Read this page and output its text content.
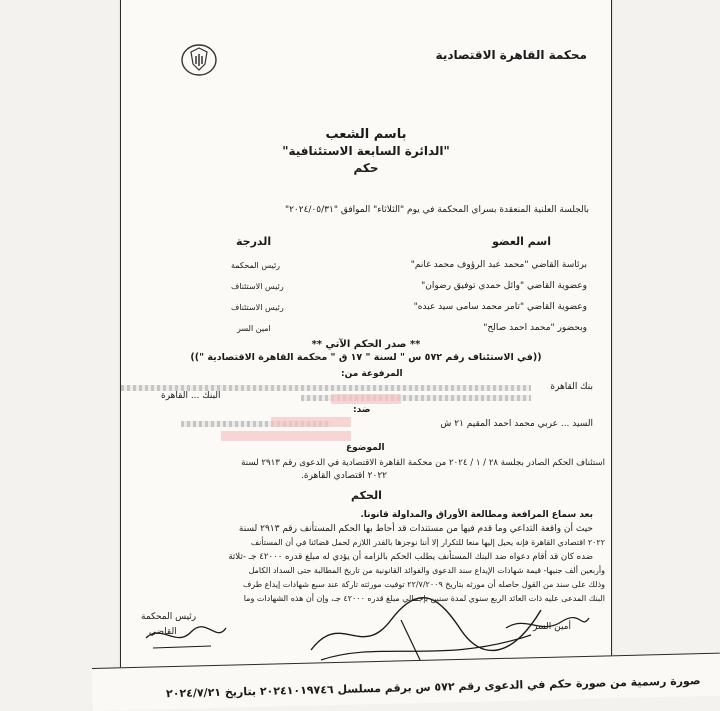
محكمة القاهرة الاقتصادية
باسم الشعب
"الدائرة السابعة الاستئنافية"
حكم
بالجلسة العلنية المنعقدة بسراي المحكمة في يوم "الثلاثاء" الموافق "٢٠٢٤/٠٥/٣١"
اسم العضو
الدرجة
برئاسة القاضي "محمد عبد الرؤوف محمد غانم"
رئيس المحكمة
وعضوية القاضي "وائل حمدي توفيق رضوان"
رئيس الاستئناف
وعضوية القاضي "تامر محمد سامى سيد عبده"
رئيس الاستئناف
وبحضور "محمد احمد صالح"
امين السر
** صدر الحكم الآتي **
((في الاستئناف رقم ٥٧٢ س " لسنة " ١٧ ق " محكمة القاهرة الاقتصادية "))
المرفوعة من:
بنك القاهرة
البنك ... القاهرة
ضد:
السيد ... عربي محمد احمد المقيم ٢١ ش
الموضوع
استئناف الحكم الصادر بجلسة ٢٨ / ١ / ٢٠٢٤ من محكمة القاهرة الاقتصادية في الدعوى رقم ٢٩١٣ لسنة
٢٠٢٢ اقتصادي القاهرة.
الحكم
بعد سماع المرافعة ومطالعة الأوراق والمداولة قانونا.
حيث أن واقعة التداعي وما قدم فيها من مستندات قد أحاط بها الحكم المستأنف رقم ٢٩١٣ لسنة
٢٠٢٢ اقتصادي القاهرة فإنه يحيل إليها منعا للتكرار إلا أننا نوجزها بالقدر اللازم لحمل قضائنا في أن المستأنف
ضده كان قد أقام دعواه ضد البنك المستأنف يطلب الحكم بالزامه أن يؤدي له مبلغ قدره ٤٢٠٠٠ جـ -ثلاثة
وأربعين ألف جنيها- قيمة شهادات الإيداع سند الدعوى والفوائد القانونية من تاريخ المطالبة حتى السداد الكامل
وذلك على سند من القول حاصله أن مورثه بتاريخ ٢٢/٧/٢٠٠٩ توفيت مورثته تاركة عند سبع شهادات إيداع طرف
البنك المدعى عليه ذات العائد الربع سنوي لمدة سنين بإجمالي مبلغ قدره ٤٢٠٠٠ جـ، وإن أن هذه الشهادات وما
رئيس المحكمة
القاضي	أمين السر
صورة رسمية من صورة حكم في الدعوى رقم ٥٧٢ س برقم مسلسل ٢٠٢٤١٠١٩٧٤٦ بتاريخ ٢٠٢٤/٧/٢١
